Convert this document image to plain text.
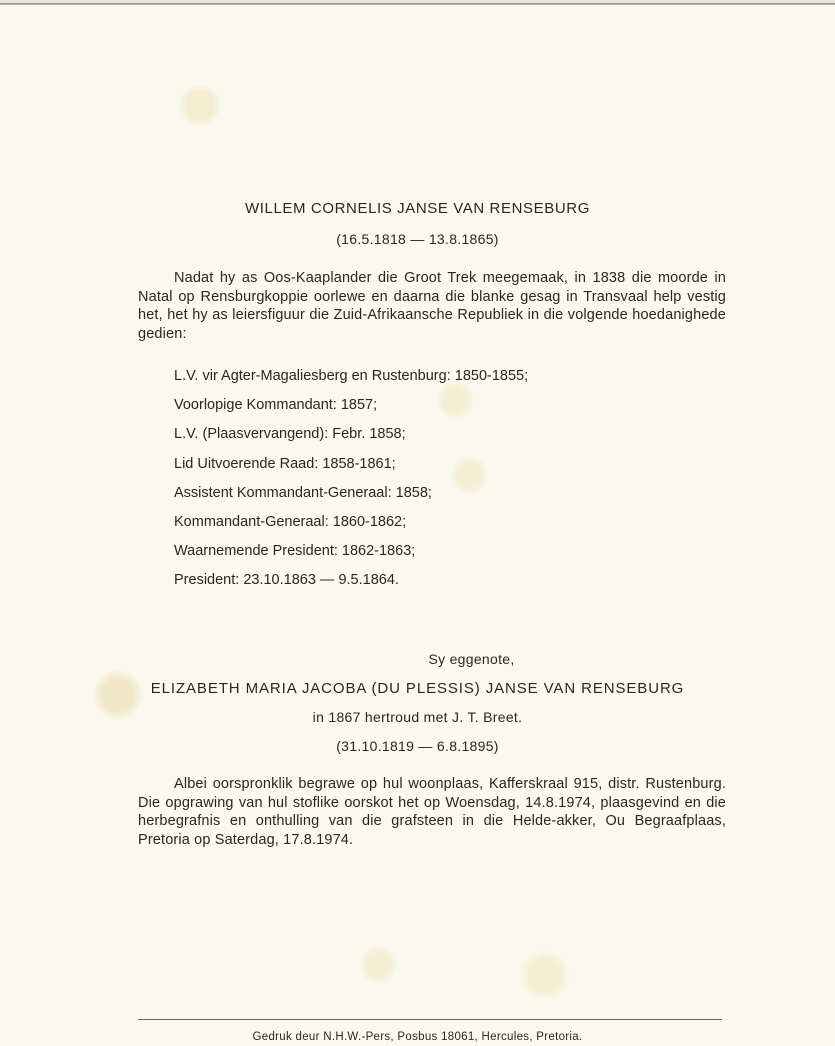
WILLEM CORNELIS JANSE VAN RENSEBURG
(16.5.1818 — 13.8.1865)

Nadat hy as Oos-Kaaplander die Groot Trek meegemaak, in 1838 die moorde in Natal op Rensburgkoppie oorlewe en daarna die blanke gesag in Transvaal help vestig het, het hy as leiersfiguur die Zuid-Afrikaansche Republiek in die volgende hoedanighede gedien:

L.V. vir Agter-Magaliesberg en Rustenburg: 1850-1855;
Voorlopige Kommandant: 1857;
L.V. (Plaasvervangend): Febr. 1858;
Lid Uitvoerende Raad: 1858-1861;
Assistent Kommandant-Generaal: 1858;
Kommandant-Generaal: 1860-1862;
Waarnemende President: 1862-1863;
President: 23.10.1863 — 9.5.1864.
Sy eggenote,
ELIZABETH MARIA JACOBA (DU PLESSIS) JANSE VAN RENSEBURG
in 1867 hertroud met J. T. Breet.
(31.10.1819 — 6.8.1895)

Albei oorspronklik begrawe op hul woonplaas, Kafferskraal 915, distr. Rustenburg. Die opgrawing van hul stoflike oorskot het op Woensdag, 14.8.1974, plaasgevind en die herbegrafnis en onthulling van die grafsteen in die Helde-akker, Ou Begraafplaas, Pretoria op Saterdag, 17.8.1974.

Gedruk deur N.H.W.-Pers, Posbus 18061, Hercules, Pretoria.
